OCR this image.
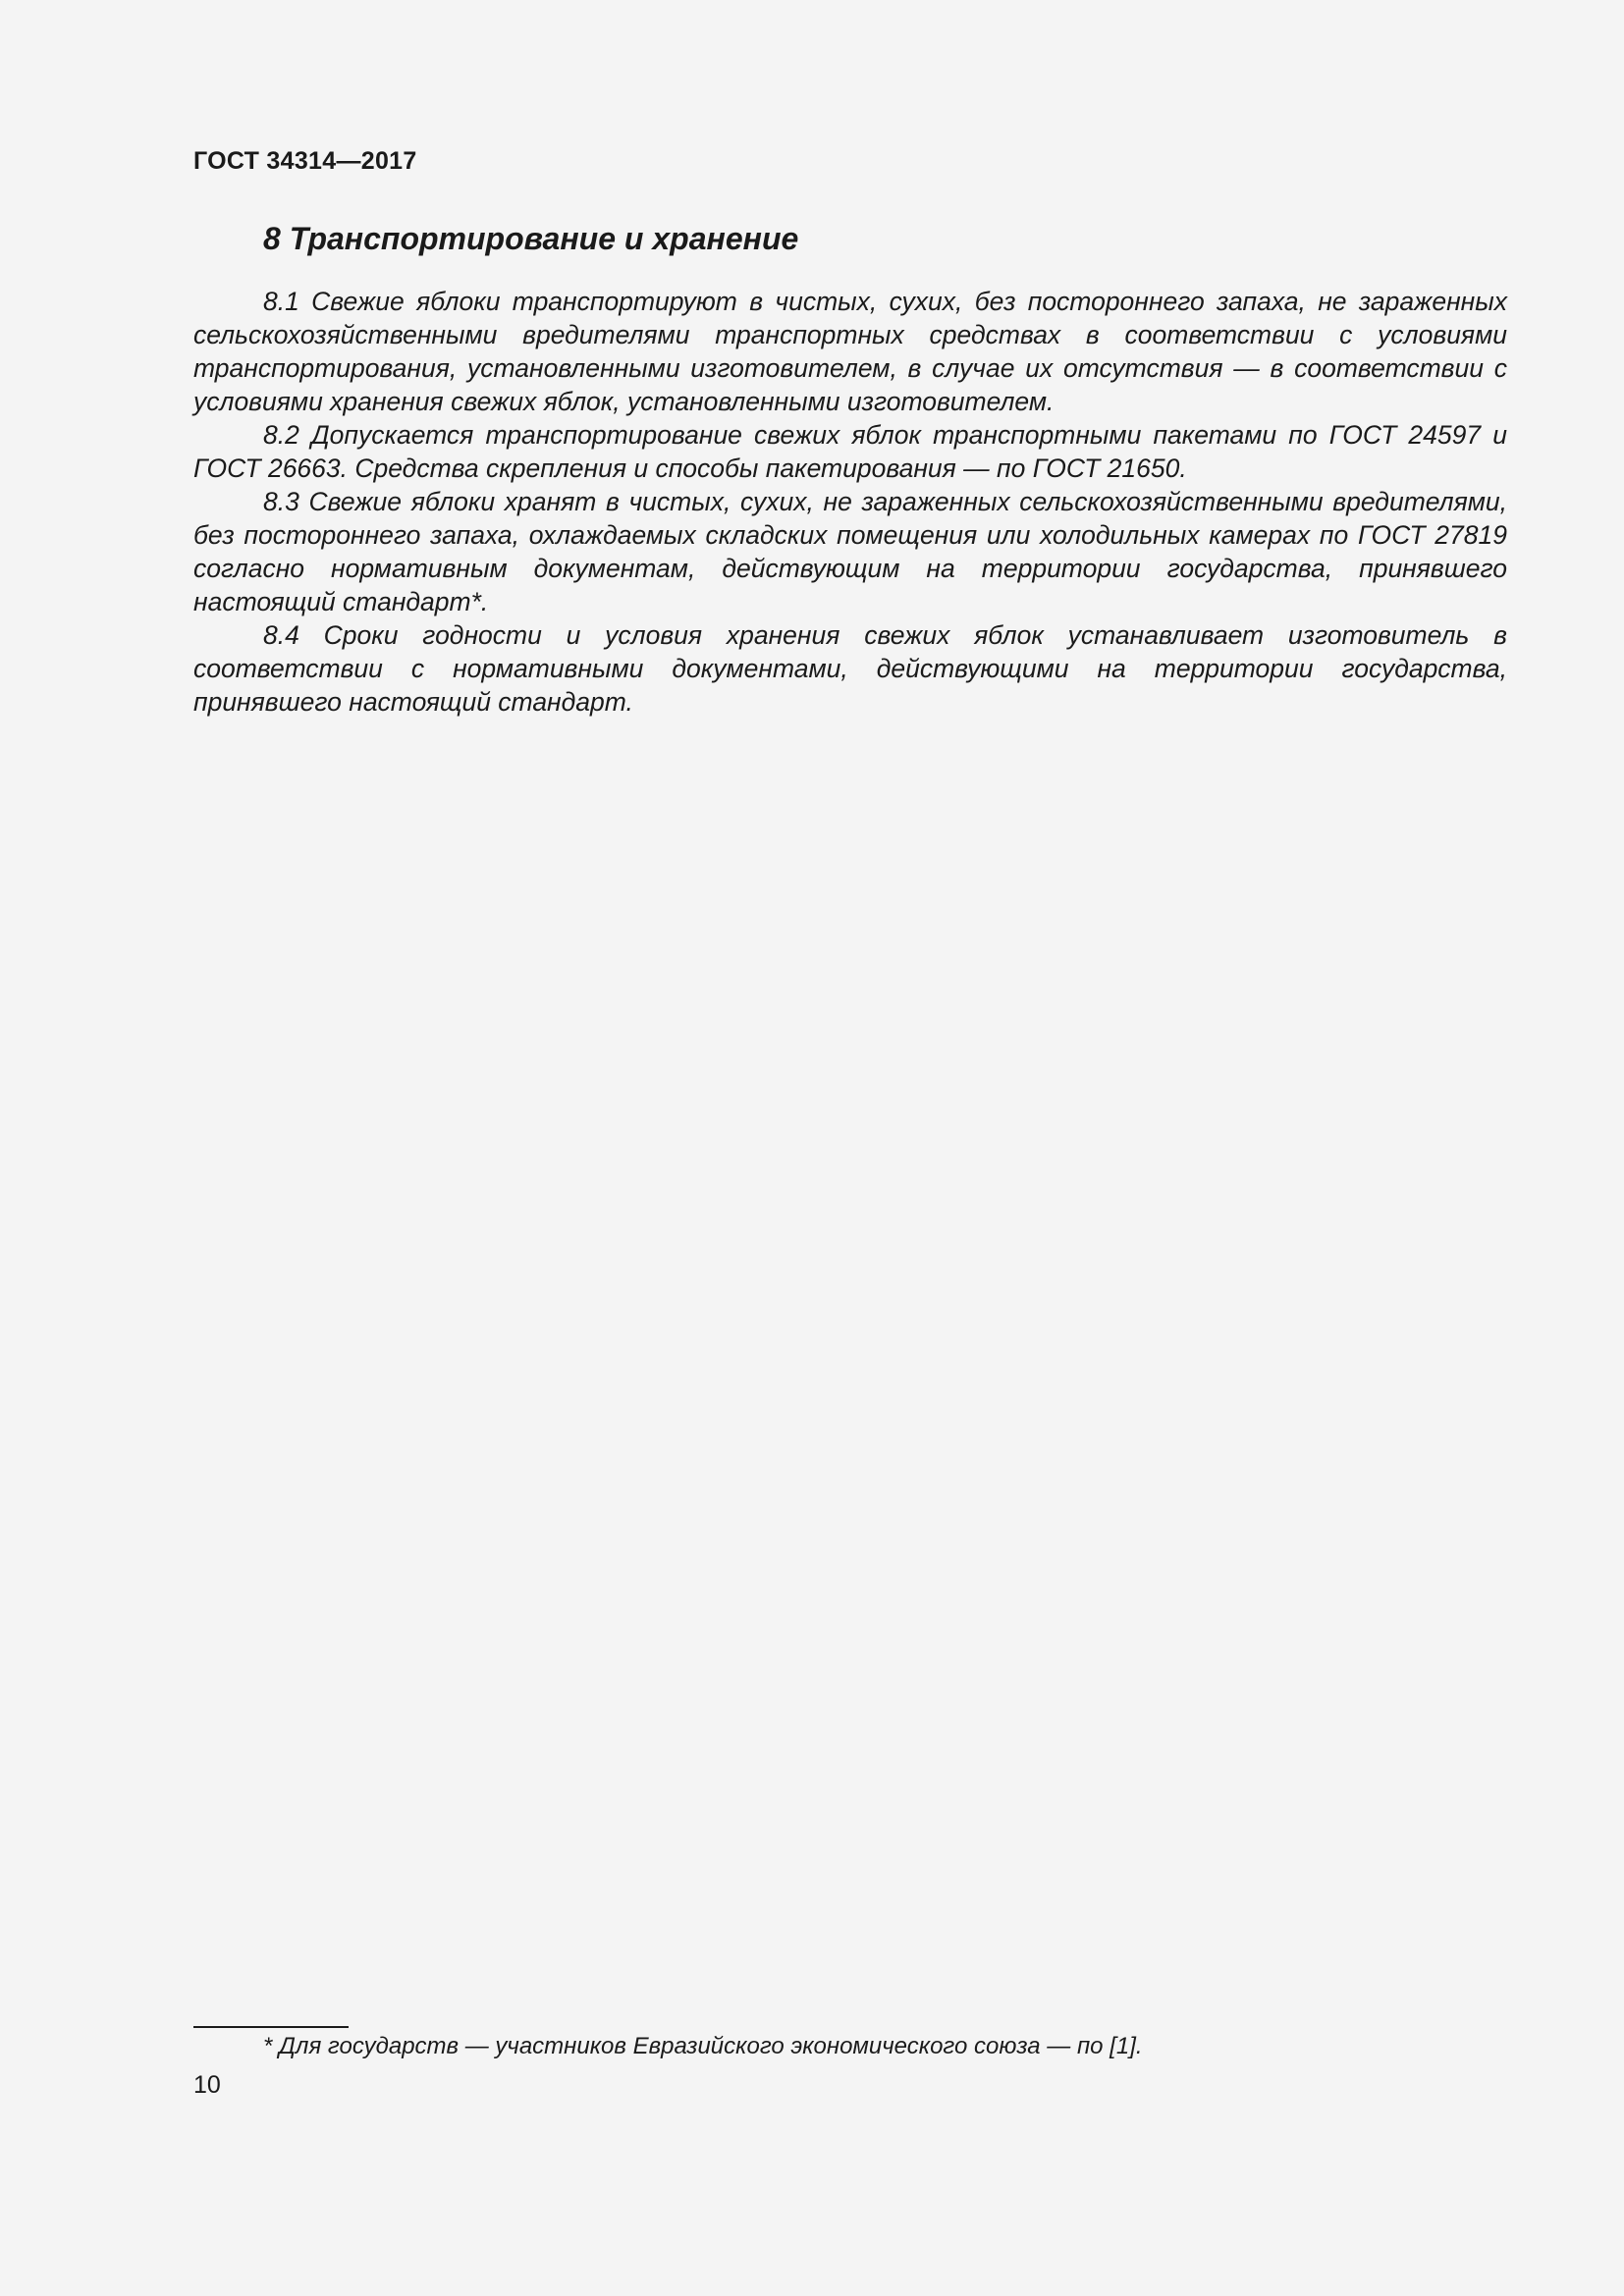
ГОСТ 34314—2017
8 Транспортирование и хранение

8.1 Свежие яблоки транспортируют в чистых, сухих, без постороннего запаха, не зараженных сельскохозяйственными вредителями транспортных средствах в соответствии с условиями транспортирования, установленными изготовителем, в случае их отсутствия — в соответствии с условиями хранения свежих яблок, установленными изготовителем.

8.2 Допускается транспортирование свежих яблок транспортными пакетами по ГОСТ 24597 и ГОСТ 26663. Средства скрепления и способы пакетирования — по ГОСТ 21650.

8.3 Свежие яблоки хранят в чистых, сухих, не зараженных сельскохозяйственными вредителями, без постороннего запаха, охлаждаемых складских помещения или холодильных камерах по ГОСТ 27819 согласно нормативным документам, действующим на территории государства, принявшего настоящий стандарт*.

8.4 Сроки годности и условия хранения свежих яблок устанавливает изготовитель в соответствии с нормативными документами, действующими на территории государства, принявшего настоящий стандарт.

* Для государств — участников Евразийского экономического союза — по [1].
10
